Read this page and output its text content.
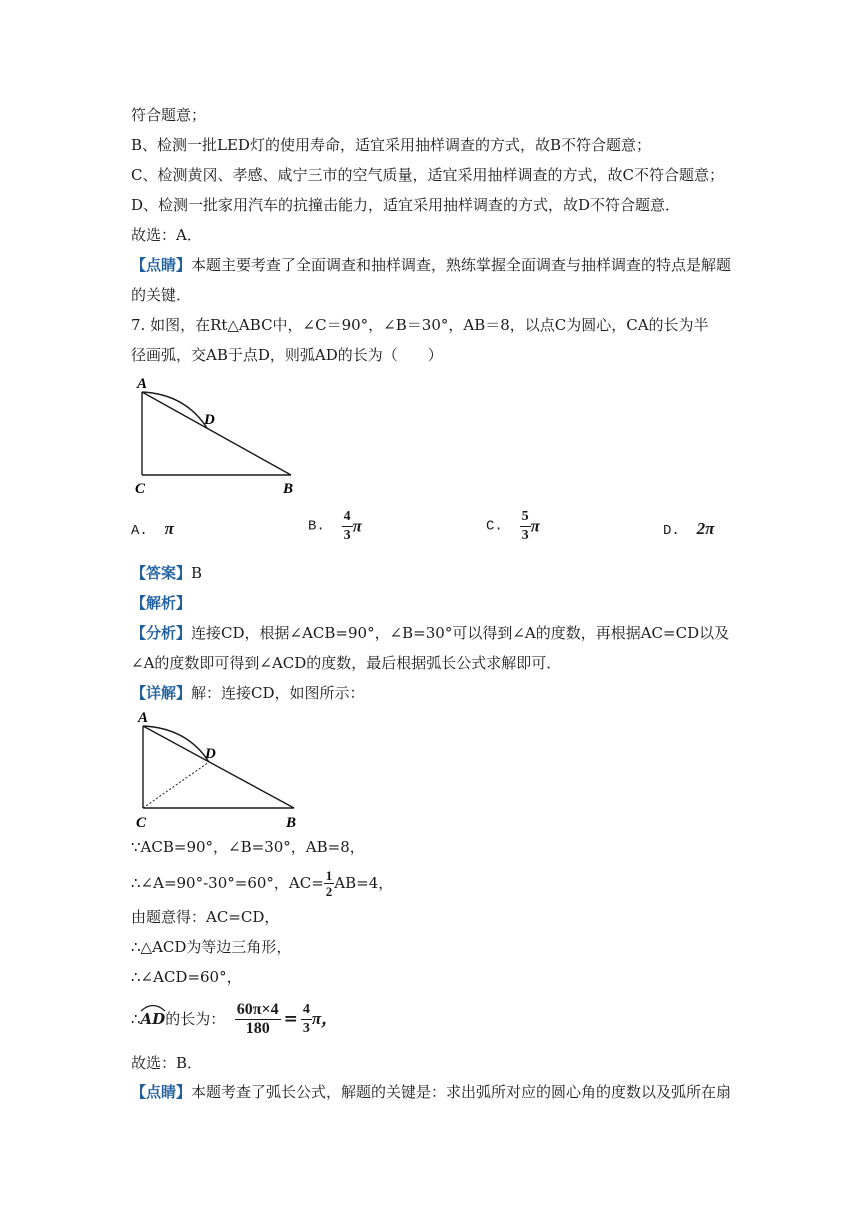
符合题意；
B、检测一批LED灯的使用寿命，适宜采用抽样调查的方式，故B不符合题意；
C、检测黄冈、孝感、咸宁三市的空气质量，适宜采用抽样调查的方式，故C不符合题意；
D、检测一批家用汽车的抗撞击能力，适宜采用抽样调查的方式，故D不符合题意．
故选：A．
【点睛】本题主要考查了全面调查和抽样调查，熟练掌握全面调查与抽样调查的特点是解题
的关键．
7. 如图，在Rt△ABC中，∠C＝90°，∠B＝30°，AB＝8，以点C为圆心，CA的长为半
径画弧，交AB于点D，则弧AD的长为（　　）
A
D
C	B
A. π	B. $\frac{4}{3}$ π	C. $\frac{5}{3}$ π	D. 2π
【答案】B
【解析】
【分析】连接CD，根据∠ACB=90°，∠B=30°可以得到∠A的度数，再根据AC=CD以及
∠A的度数即可得到∠ACD的度数，最后根据弧长公式求解即可．
【详解】解：连接CD，如图所示：
A
D
C	B
∵ACB=90°，∠B=30°，AB=8，
∴∠A=90°-30°=60°，$AC= \frac{1}{2} AB=4$，
由题意得：AC=CD，
∴△ACD为等边三角形，
∴∠ACD=60°，
∴ AD 的长为：
$\frac{60\pi\times 4}{180} = \frac{4}{3}$ π，
故选：B．
【点睛】本题考查了弧长公式，解题的关键是：求出弧所对应的圆心角的度数以及弧所在扇
